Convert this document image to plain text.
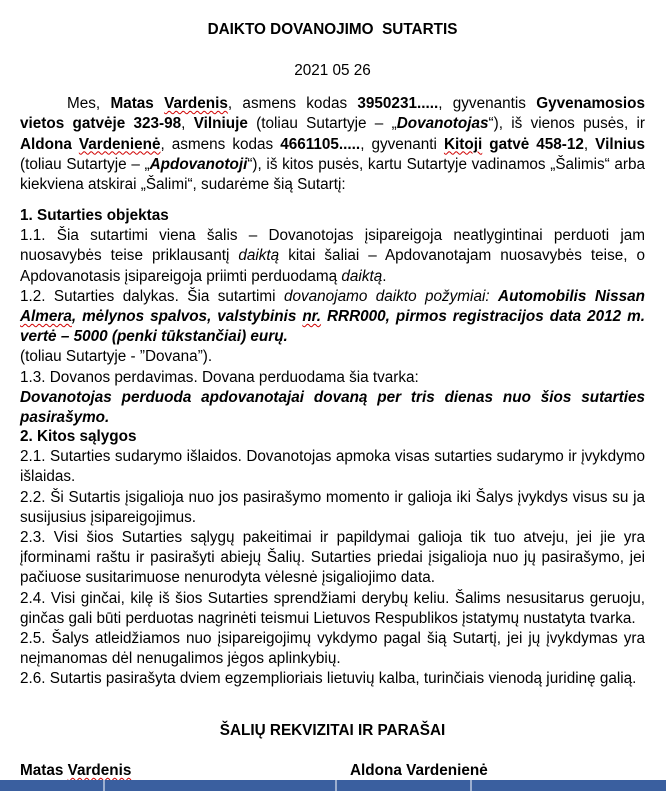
DAIKTO DOVANOJIMO  SUTARTIS
2021 05 26

Mes, Matas Vardenis, asmens kodas 3950231....., gyvenantis Gyvenamosios vietos gatvėje 323-98, Vilniuje (toliau Sutartyje – „Dovanotojas“), iš vienos pusės, ir Aldona Vardenienė, asmens kodas 4661105....., gyvenanti Kitoji gatvė 458-12, Vilnius (toliau Sutartyje – „Apdovanotoji“), iš kitos pusės, kartu Sutartyje vadinamos „Šalimis“ arba kiekviena atskirai „Šalimi“, sudarėme šią Sutartį:

1. Sutarties objektas

1.1. Šia sutartimi viena šalis – Dovanotojas įsipareigoja neatlygintinai perduoti jam nuosavybės teise priklausantį daiktą kitai šaliai – Apdovanotajam nuosavybės teise, o Apdovanotasis įsipareigoja priimti perduodamą daiktą.

1.2. Sutarties dalykas. Šia sutartimi dovanojamo daikto požymiai: Automobilis Nissan Almera, mėlynos spalvos, valstybinis nr. RRR000, pirmos registracijos data 2012 m. vertė – 5000 (penki tūkstančiai) eurų.

(toliau Sutartyje - ”Dovana”).

1.3. Dovanos perdavimas. Dovana perduodama šia tvarka:

Dovanotojas perduoda apdovanotajai dovaną per tris dienas nuo šios sutarties pasirašymo.

2. Kitos sąlygos

2.1. Sutarties sudarymo išlaidos. Dovanotojas apmoka visas sutarties sudarymo ir įvykdymo išlaidas.

2.2. Ši Sutartis įsigalioja nuo jos pasirašymo momento ir galioja iki Šalys įvykdys visus su ja susijusius įsipareigojimus.

2.3. Visi šios Sutarties sąlygų pakeitimai ir papildymai galioja tik tuo atveju, jei jie yra įforminami raštu ir pasirašyti abiejų Šalių. Sutarties priedai įsigalioja nuo jų pasirašymo, jei pačiuose susitarimuose nenurodyta vėlesnė įsigaliojimo data.

2.4. Visi ginčai, kilę iš šios Sutarties sprendžiami derybų keliu. Šalims nesusitarus geruoju, ginčas gali būti perduotas nagrinėti teismui Lietuvos Respublikos įstatymų nustatyta tvarka.

2.5. Šalys atleidžiamos nuo įsipareigojimų vykdymo pagal šią Sutartį, jei jų įvykdymas yra neįmanomas dėl nenugalimos jėgos aplinkybių.

2.6. Sutartis pasirašyta dviem egzemplioriais lietuvių kalba, turinčiais vienodą juridinę galią.

ŠALIŲ REKVIZITAI IR PARAŠAI
Matas Vardenis	Aldona Vardenienė
